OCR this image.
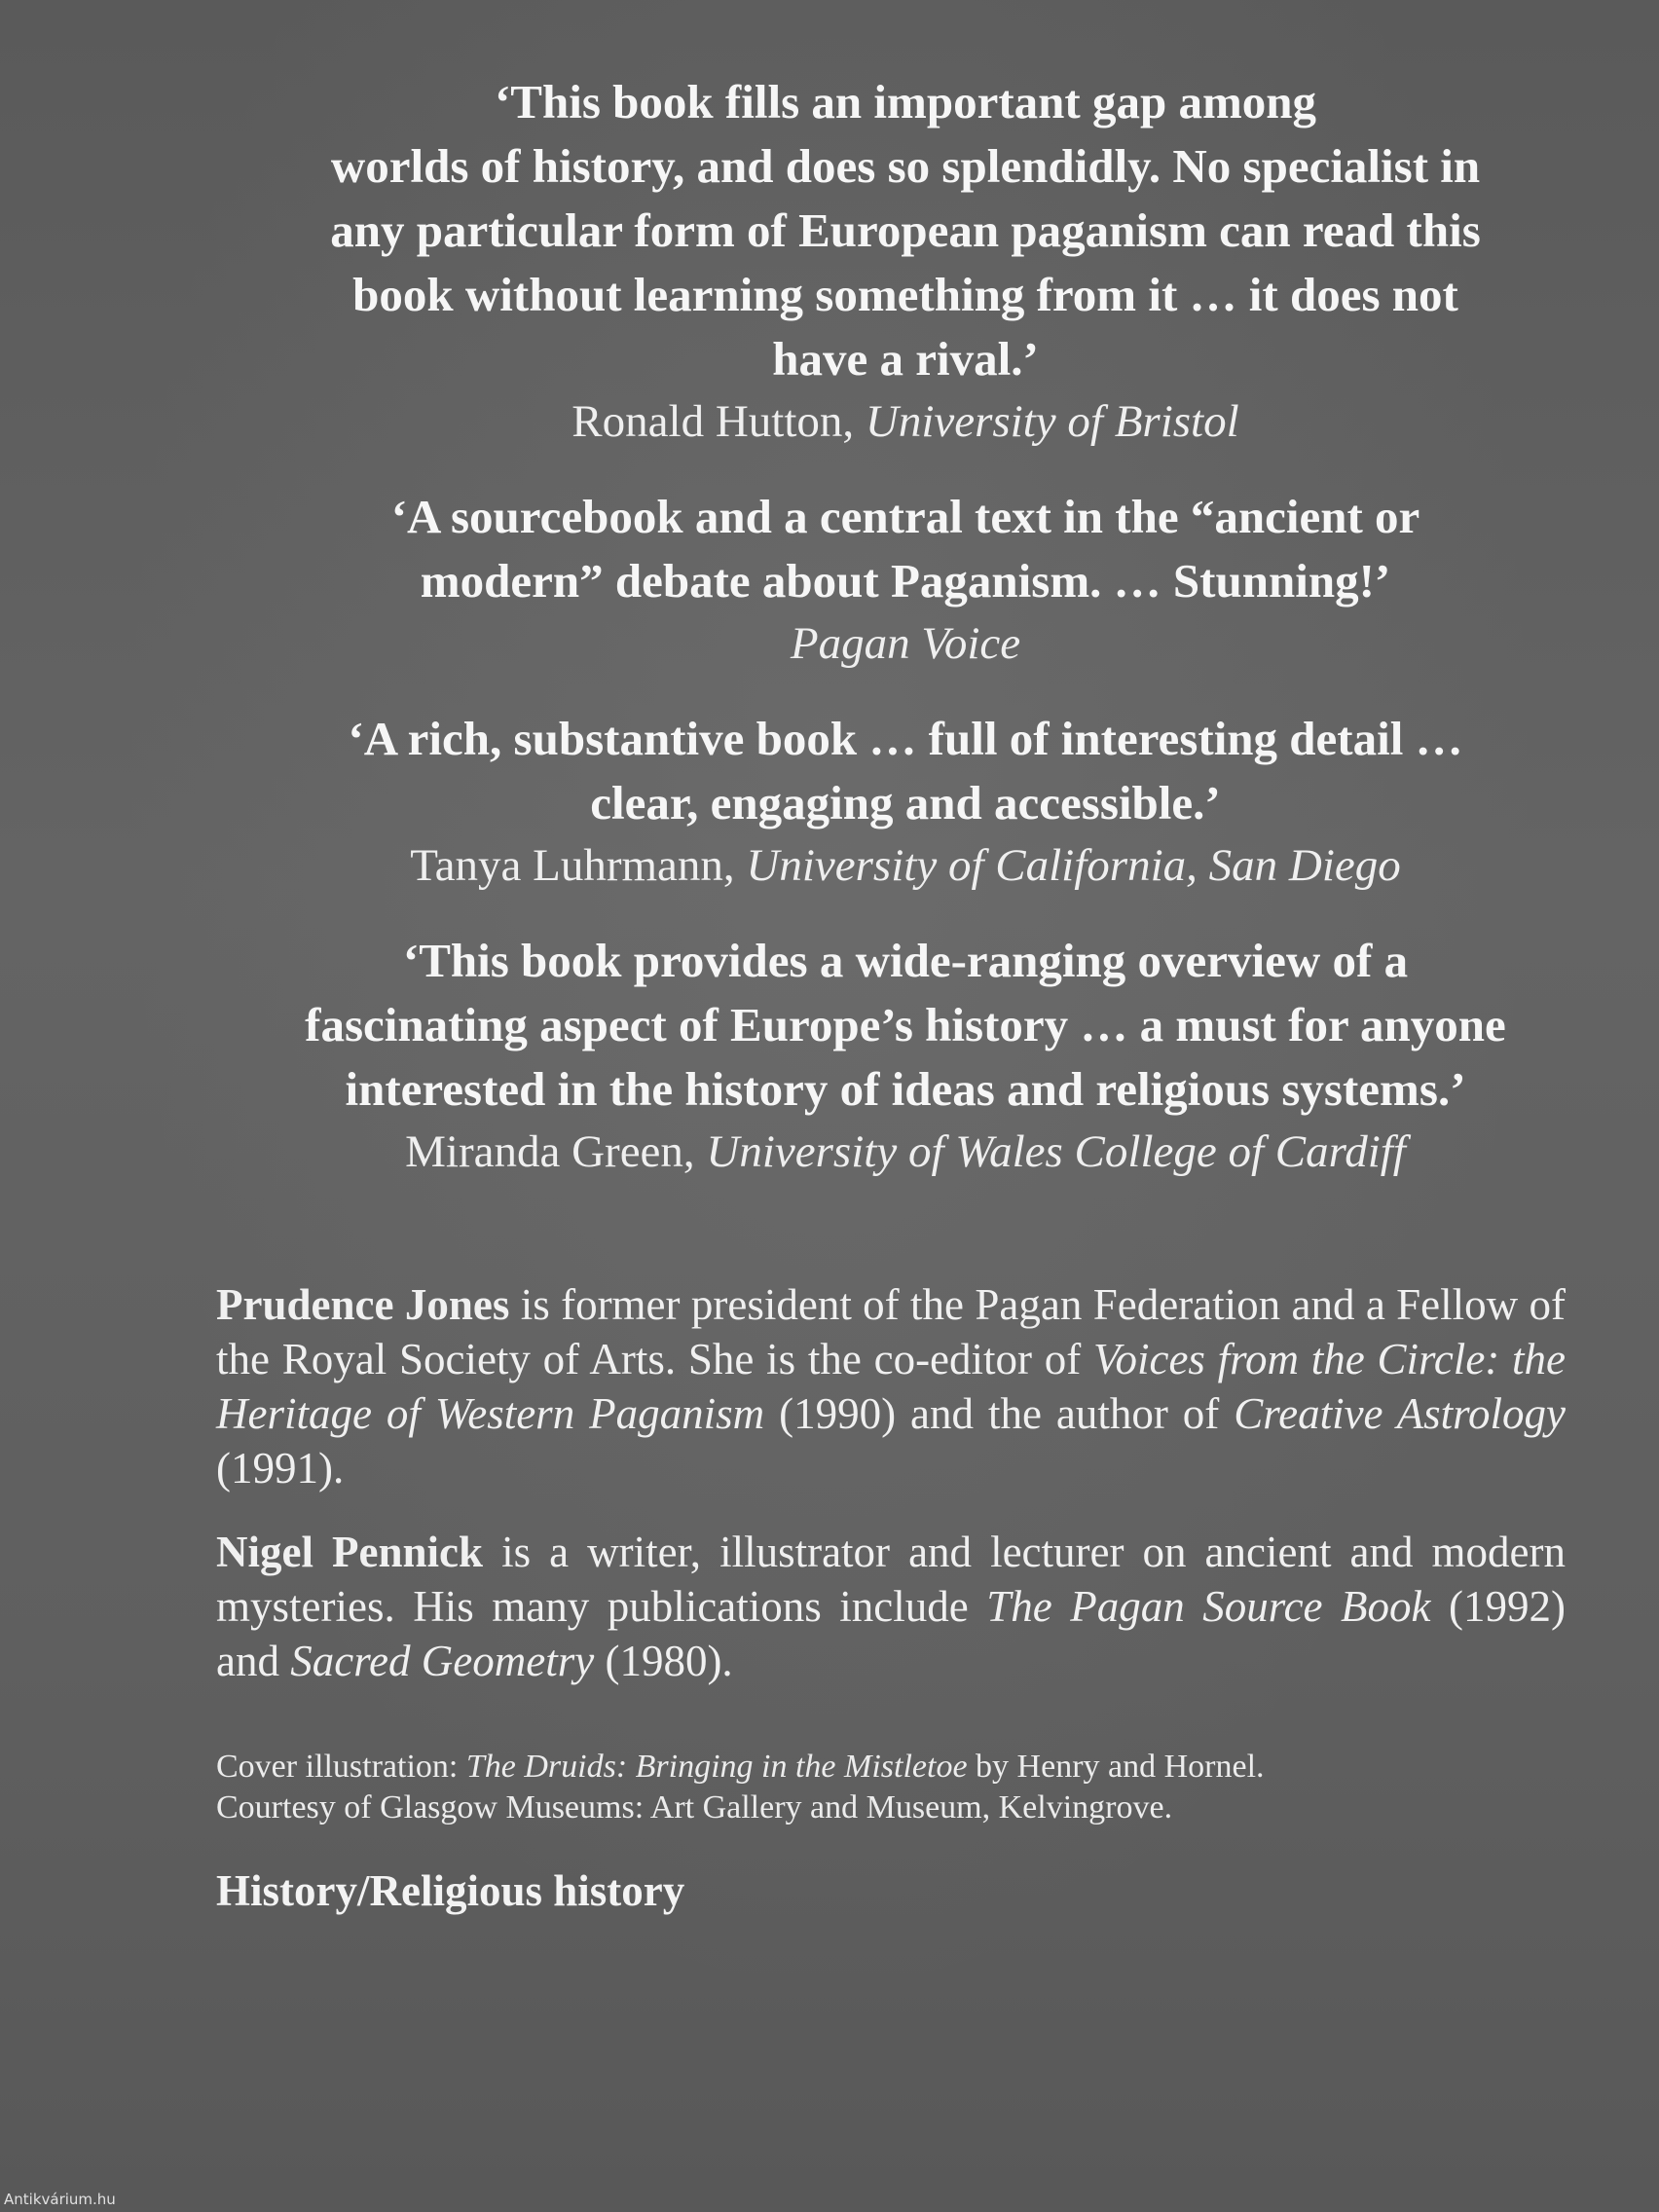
‘This book fills an important gap among

worlds of history, and does so splendidly. No specialist in

any particular form of European paganism can read this

book without learning something from it … it does not

have a rival.’

Ronald Hutton, University of Bristol

‘A sourcebook and a central text in the “ancient or

modern” debate about Paganism. … Stunning!’

Pagan Voice

‘A rich, substantive book … full of interesting detail …

clear, engaging and accessible.’

Tanya Luhrmann, University of California, San Diego

‘This book provides a wide-ranging overview of a

fascinating aspect of Europe’s history … a must for anyone

interested in the history of ideas and religious systems.’

Miranda Green, University of Wales College of Cardiff

Prudence Jones is former president of the Pagan Federation and a Fellow of the Royal Society of Arts. She is the co-editor of Voices from the Circle: the Heritage of Western Paganism (1990) and the author of Creative Astrology (1991).

Nigel Pennick is a writer, illustrator and lecturer on ancient and modern mysteries. His many publications include The Pagan Source Book (1992) and Sacred Geometry (1980).

Cover illustration: The Druids: Bringing in the Mistletoe by Henry and Hornel.
Courtesy of Glasgow Museums: Art Gallery and Museum, Kelvingrove.
History/Religious history
Antikvárium.hu
